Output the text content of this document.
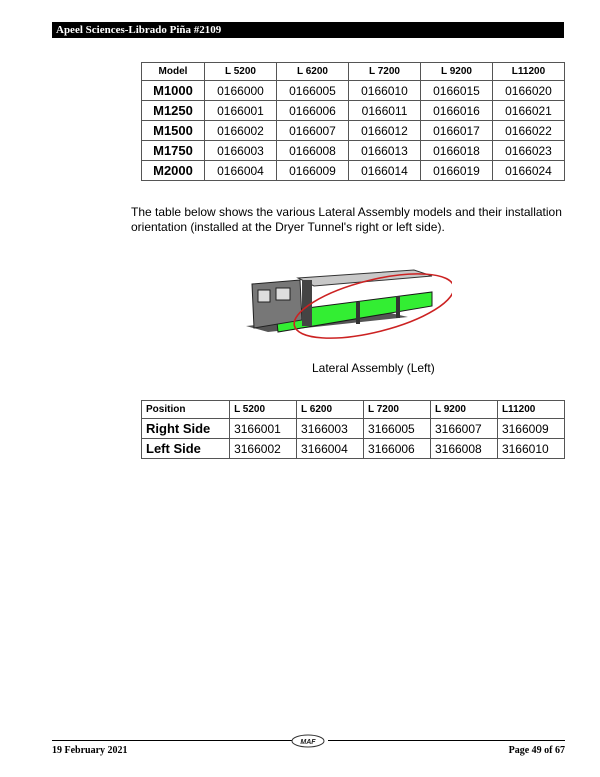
Apeel Sciences-Librado Piña #2109
Model	L 5200	L 6200	L 7200	L 9200	L11200
M1000	0166000	0166005	0166010	0166015	0166020
M1250	0166001	0166006	0166011	0166016	0166021
M1500	0166002	0166007	0166012	0166017	0166022
M1750	0166003	0166008	0166013	0166018	0166023
M2000	0166004	0166009	0166014	0166019	0166024
The table below shows the various Lateral Assembly models and their installation orientation (installed at the Dryer Tunnel's right or left side).
Lateral Assembly (Left)
Position	L 5200	L 6200	L 7200	L 9200	L11200
Right Side	3166001	3166003	3166005	3166007	3166009
Left Side	3166002	3166004	3166006	3166008	3166010
MAF
19 February 2021	Page 49 of 67
